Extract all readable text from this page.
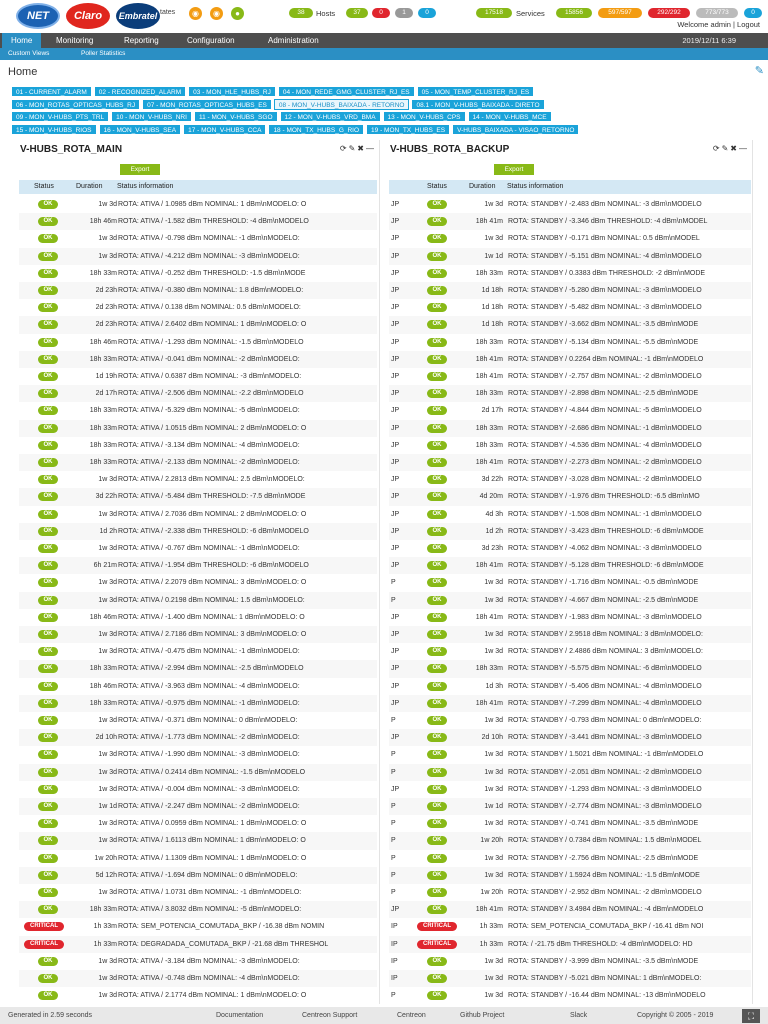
NET	Claro	Embratel tates	◉	◉	●	38	Hosts	37	0	1	0	17518	Services	15856	597/597	292/292	773/773	0
Welcome admin | Logout
Home	Monitoring	Reporting	Configuration	Administration	2019/12/11 6:39
Custom Views	Poller Statistics
Home	✎
01 - CURRENT_ALARM	02 - RECOGNIZED_ALARM	03 - MON_HLE_HUBS_RJ	04 - MON_REDE_GMG_CLUSTER_RJ_ES	05 - MON_TEMP_CLUSTER_RJ_ES
06 - MON_ROTAS_OPTICAS_HUBS_RJ	07 - MON_ROTAS_OPTICAS_HUBS_ES	08 - MON_V-HUBS_BAIXADA - RETORNO	08.1 - MON_V-HUBS_BAIXADA - DIRETO
09 - MON_V-HUBS_PTS_TRL	10 - MON_V-HUBS_NRI	11 - MON_V-HUBS_SGO	12 - MON_V-HUBS_VRD_BMA	13 - MON_V-HUBS_CPS	14 - MON_V-HUBS_MCE
15 - MON_V-HUBS_RIOS	16 - MON_V-HUBS_SEA	17 - MON_V-HUBS_CCA	18 - MON_TX_HUBS_G_RIO	19 - MON_TX_HUBS_ES	V-HUBS_BAIXADA - VISAO_RETORNO
V-HUBS_ROTA_MAIN	⟳✎✖—
Export
Status	Duration Status information
OK	1w 3d ROTA: ATIVA / 1.0985 dBm NOMINAL: 1 dBm\nMODELO: O
OK	18h 46m ROTA: ATIVA / -1.582 dBm THRESHOLD: -4 dBm\nMODELO
OK	1w 3d ROTA: ATIVA / -0.798 dBm NOMINAL: -1 dBm\nMODELO:
OK	1w 3d ROTA: ATIVA / -4.212 dBm NOMINAL: -3 dBm\nMODELO:
OK	18h 33m ROTA: ATIVA / -0.252 dBm THRESHOLD: -1.5 dBm\nMODE
OK	2d 23h ROTA: ATIVA / -0.380 dBm NOMINAL: 1.8 dBm\nMODELO:
OK	2d 23h ROTA: ATIVA / 0.138 dBm NOMINAL: 0.5 dBm\nMODELO:
OK	2d 23h ROTA: ATIVA / 2.6402 dBm NOMINAL: 1 dBm\nMODELO: O
OK	18h 46m ROTA: ATIVA / -1.293 dBm NOMINAL: -1.5 dBm\nMODELO
OK	18h 33m ROTA: ATIVA / -0.041 dBm NOMINAL: -2 dBm\nMODELO:
OK	1d 19h ROTA: ATIVA / 0.6387 dBm NOMINAL: -3 dBm\nMODELO:
OK	2d 17h ROTA: ATIVA / -2.506 dBm NOMINAL: -2.2 dBm\nMODELO
OK	18h 33m ROTA: ATIVA / -5.329 dBm NOMINAL: -5 dBm\nMODELO:
OK	18h 33m ROTA: ATIVA / 1.0515 dBm NOMINAL: 2 dBm\nMODELO: O
OK	18h 33m ROTA: ATIVA / -3.134 dBm NOMINAL: -4 dBm\nMODELO:
OK	18h 33m ROTA: ATIVA / -2.133 dBm NOMINAL: -2 dBm\nMODELO:
OK	1w 3d ROTA: ATIVA / 2.2813 dBm NOMINAL: 2.5 dBm\nMODELO:
OK	3d 22h ROTA: ATIVA / -5.484 dBm THRESHOLD: -7.5 dBm\nMODE
OK	1w 3d ROTA: ATIVA / 2.7036 dBm NOMINAL: 2 dBm\nMODELO: O
OK	1d 2h ROTA: ATIVA / -2.338 dBm THRESHOLD: -6 dBm\nMODELO
OK	1w 3d ROTA: ATIVA / -0.767 dBm NOMINAL: -1 dBm\nMODELO:
OK	6h 21m ROTA: ATIVA / -1.954 dBm THRESHOLD: -6 dBm\nMODELO
OK	1w 3d ROTA: ATIVA / 2.2079 dBm NOMINAL: 3 dBm\nMODELO: O
OK	1w 3d ROTA: ATIVA / 0.2198 dBm NOMINAL: 1.5 dBm\nMODELO:
OK	18h 46m ROTA: ATIVA / -1.400 dBm NOMINAL: 1 dBm\nMODELO: O
OK	1w 3d ROTA: ATIVA / 2.7186 dBm NOMINAL: 3 dBm\nMODELO: O
OK	1w 3d ROTA: ATIVA / -0.475 dBm NOMINAL: -1 dBm\nMODELO:
OK	18h 33m ROTA: ATIVA / -2.994 dBm NOMINAL: -2.5 dBm\nMODELO
OK	18h 46m ROTA: ATIVA / -3.963 dBm NOMINAL: -4 dBm\nMODELO:
OK	18h 33m ROTA: ATIVA / -0.975 dBm NOMINAL: -1 dBm\nMODELO:
OK	1w 3d ROTA: ATIVA / -0.371 dBm NOMINAL: 0 dBm\nMODELO:
OK	2d 10h ROTA: ATIVA / -1.773 dBm NOMINAL: -2 dBm\nMODELO:
OK	1w 3d ROTA: ATIVA / -1.990 dBm NOMINAL: -3 dBm\nMODELO:
OK	1w 3d ROTA: ATIVA / 0.2414 dBm NOMINAL: -1.5 dBm\nMODELO
OK	1w 3d ROTA: ATIVA / -0.004 dBm NOMINAL: -3 dBm\nMODELO:
OK	1w 1d ROTA: ATIVA / -2.247 dBm NOMINAL: -2 dBm\nMODELO:
OK	1w 3d ROTA: ATIVA / 0.0959 dBm NOMINAL: 1 dBm\nMODELO: O
OK	1w 3d ROTA: ATIVA / 1.6113 dBm NOMINAL: 1 dBm\nMODELO: O
OK	1w 20h ROTA: ATIVA / 1.1309 dBm NOMINAL: 1 dBm\nMODELO: O
OK	5d 12h ROTA: ATIVA / -1.694 dBm NOMINAL: 0 dBm\nMODELO:
OK	1w 3d ROTA: ATIVA / 1.0731 dBm NOMINAL: -1 dBm\nMODELO:
OK	18h 33m ROTA: ATIVA / 3.8032 dBm NOMINAL: -5 dBm\nMODELO:
CRITICAL	1h 33m ROTA: SEM_POTENCIA_COMUTADA_BKP / -16.38 dBm NOMIN
CRITICAL	1h 33m ROTA: DEGRADADA_COMUTADA_BKP / -21.68 dBm THRESHOL
OK	1w 3d ROTA: ATIVA / -3.184 dBm NOMINAL: -3 dBm\nMODELO:
OK	1w 3d ROTA: ATIVA / -0.748 dBm NOMINAL: -4 dBm\nMODELO:
OK	1w 3d ROTA: ATIVA / 2.1774 dBm NOMINAL: 1 dBm\nMODELO: O
V-HUBS_ROTA_BACKUP	⟳✎✖—
Export
Status	Duration Status information
JP	OK	1w 3d ROTA: STANDBY / -2.483 dBm NOMINAL: -3 dBm\nMODELO
JP	OK	18h 41m ROTA: STANDBY / -3.346 dBm THRESHOLD: -4 dBm\nMODEL
JP	OK	1w 3d ROTA: STANDBY / -0.171 dBm NOMINAL: 0.5 dBm\nMODEL
JP	OK	1w 1d ROTA: STANDBY / -5.151 dBm NOMINAL: -4 dBm\nMODELO
JP	OK	18h 33m ROTA: STANDBY / 0.3383 dBm THRESHOLD: -2 dBm\nMODE
JP	OK	1d 18h ROTA: STANDBY / -5.280 dBm NOMINAL: -3 dBm\nMODELO
JP	OK	1d 18h ROTA: STANDBY / -5.482 dBm NOMINAL: -3 dBm\nMODELO
JP	OK	1d 18h ROTA: STANDBY / -3.662 dBm NOMINAL: -3.5 dBm\nMODE
JP	OK	18h 33m ROTA: STANDBY / -5.134 dBm NOMINAL: -5.5 dBm\nMODE
JP	OK	18h 41m ROTA: STANDBY / 0.2264 dBm NOMINAL: -1 dBm\nMODELO
JP	OK	18h 41m ROTA: STANDBY / -2.757 dBm NOMINAL: -2 dBm\nMODELO
JP	OK	18h 33m ROTA: STANDBY / -2.898 dBm NOMINAL: -2.5 dBm\nMODE
JP	OK	2d 17h ROTA: STANDBY / -4.844 dBm NOMINAL: -5 dBm\nMODELO
JP	OK	18h 33m ROTA: STANDBY / -2.686 dBm NOMINAL: -1 dBm\nMODELO
JP	OK	18h 33m ROTA: STANDBY / -4.536 dBm NOMINAL: -4 dBm\nMODELO
JP	OK	18h 41m ROTA: STANDBY / -2.273 dBm NOMINAL: -2 dBm\nMODELO
JP	OK	3d 22h ROTA: STANDBY / -3.028 dBm NOMINAL: -2 dBm\nMODELO
JP	OK	4d 20m ROTA: STANDBY / -1.976 dBm THRESHOLD: -6.5 dBm\nMO
JP	OK	4d 3h ROTA: STANDBY / -1.508 dBm NOMINAL: -1 dBm\nMODELO
JP	OK	1d 2h ROTA: STANDBY / -3.423 dBm THRESHOLD: -6 dBm\nMODE
JP	OK	3d 23h ROTA: STANDBY / -4.062 dBm NOMINAL: -3 dBm\nMODELO
JP	OK	18h 41m ROTA: STANDBY / -5.128 dBm THRESHOLD: -6 dBm\nMODE
P	OK	1w 3d ROTA: STANDBY / -1.716 dBm NOMINAL: -0.5 dBm\nMODE
P	OK	1w 3d ROTA: STANDBY / -4.667 dBm NOMINAL: -2.5 dBm\nMODE
JP	OK	18h 41m ROTA: STANDBY / -1.983 dBm NOMINAL: -3 dBm\nMODELO
JP	OK	1w 3d ROTA: STANDBY / 2.9518 dBm NOMINAL: 3 dBm\nMODELO:
JP	OK	1w 3d ROTA: STANDBY / 2.4886 dBm NOMINAL: 3 dBm\nMODELO:
JP	OK	18h 33m ROTA: STANDBY / -5.575 dBm NOMINAL: -6 dBm\nMODELO
JP	OK	1d 3h ROTA: STANDBY / -5.406 dBm NOMINAL: -4 dBm\nMODELO
JP	OK	18h 41m ROTA: STANDBY / -7.299 dBm NOMINAL: -4 dBm\nMODELO
P	OK	1w 3d ROTA: STANDBY / -0.793 dBm NOMINAL: 0 dBm\nMODELO:
JP	OK	2d 10h ROTA: STANDBY / -3.441 dBm NOMINAL: -3 dBm\nMODELO
P	OK	1w 3d ROTA: STANDBY / 1.5021 dBm NOMINAL: -1 dBm\nMODELO
P	OK	1w 3d ROTA: STANDBY / -2.051 dBm NOMINAL: -2 dBm\nMODELO
JP	OK	1w 3d ROTA: STANDBY / -1.293 dBm NOMINAL: -3 dBm\nMODELO
P	OK	1w 1d ROTA: STANDBY / -2.774 dBm NOMINAL: -3 dBm\nMODELO
P	OK	1w 3d ROTA: STANDBY / -0.741 dBm NOMINAL: -3.5 dBm\nMODE
P	OK	1w 20h ROTA: STANDBY / 0.7384 dBm NOMINAL: 1.5 dBm\nMODEL
P	OK	1w 3d ROTA: STANDBY / -2.756 dBm NOMINAL: -2.5 dBm\nMODE
P	OK	1w 3d ROTA: STANDBY / 1.5924 dBm NOMINAL: -1.5 dBm\nMODE
P	OK	1w 20h ROTA: STANDBY / -2.952 dBm NOMINAL: -2 dBm\nMODELO
JP	OK	18h 41m ROTA: STANDBY / 3.4984 dBm NOMINAL: -4 dBm\nMODELO
IP	CRITICAL	1h 33m ROTA: SEM_POTENCIA_COMUTADA_BKP / -16.41 dBm NOI
IP	CRITICAL	1h 33m ROTA: / -21.75 dBm THRESHOLD: -4 dBm\nMODELO: HD
IP	OK	1w 3d ROTA: STANDBY / -3.999 dBm NOMINAL: -3.5 dBm\nMODE
IP	OK	1w 3d ROTA: STANDBY / -5.021 dBm NOMINAL: 1 dBm\nMODELO:
P	OK	1w 3d ROTA: STANDBY / -16.44 dBm NOMINAL: -13 dBm\nMODELO
Generated in 2.59 seconds	Documentation	Centreon Support	Centreon	Github Project	Slack	Copyright © 2005 - 2019	⛶
